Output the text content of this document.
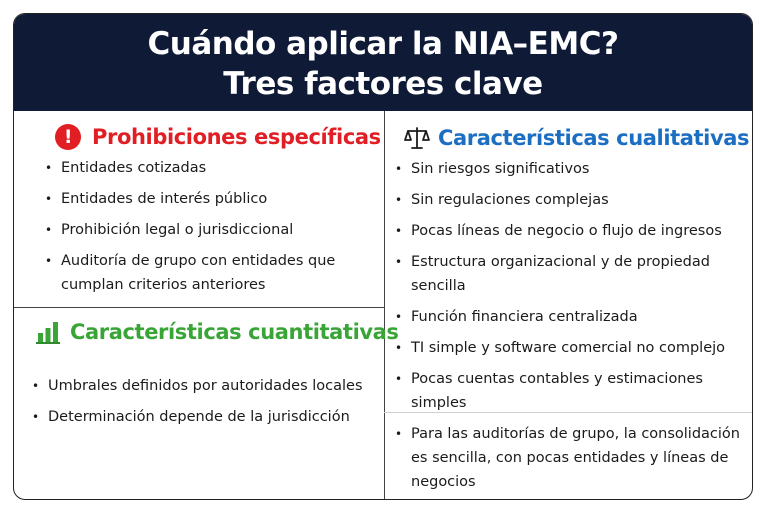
Cuándo aplicar la NIA–EMC?
Tres factores clave
! Prohibiciones específicas
• Entidades cotizadas
• Entidades de interés público
• Prohibición legal o jurisdiccional
• Auditoría de grupo con entidades que cumplan criterios anteriores
Características cuantitativas
• Umbrales definidos por autoridades locales
• Determinación depende de la jurisdicción
Características cualitativas
• Sin riesgos significativos
• Sin regulaciones complejas
• Pocas líneas de negocio o flujo de ingresos
• Estructura organizacional y de propiedad sencilla
• Función financiera centralizada
• TI simple y software comercial no complejo
• Pocas cuentas contables y estimaciones simples
• Para las auditorías de grupo, la consolidación es sencilla, con pocas entidades y líneas de negocios
